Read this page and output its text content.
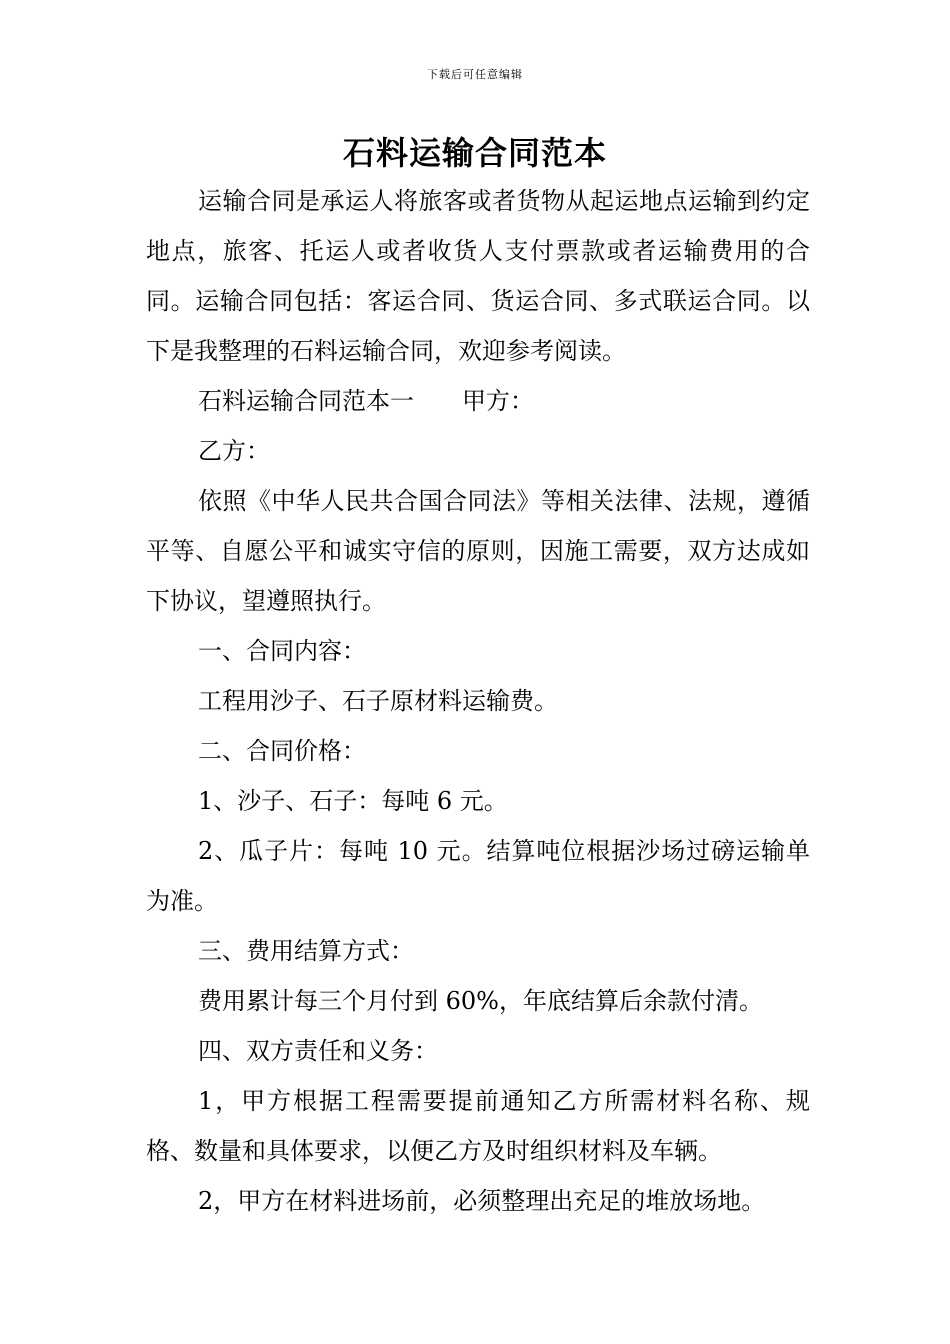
下载后可任意编辑
石料运输合同范本

运输合同是承运人将旅客或者货物从起运地点运输到约定地点，旅客、托运人或者收货人支付票款或者运输费用的合同。运输合同包括：客运合同、货运合同、多式联运合同。以下是我整理的石料运输合同，欢迎参考阅读。

石料运输合同范本一　　甲方：

乙方：

依照《中华人民共合国合同法》等相关法律、法规，遵循平等、自愿公平和诚实守信的原则，因施工需要，双方达成如下协议，望遵照执行。

一、合同内容：

工程用沙子、石子原材料运输费。

二、合同价格：

1、沙子、石子：每吨 6 元。

2、瓜子片：每吨 10 元。结算吨位根据沙场过磅运输单为准。

三、费用结算方式：

费用累计每三个月付到 60%，年底结算后余款付清。

四、双方责任和义务：

1，甲方根据工程需要提前通知乙方所需材料名称、规格、数量和具体要求，以便乙方及时组织材料及车辆。

2，甲方在材料进场前，必须整理出充足的堆放场地。
